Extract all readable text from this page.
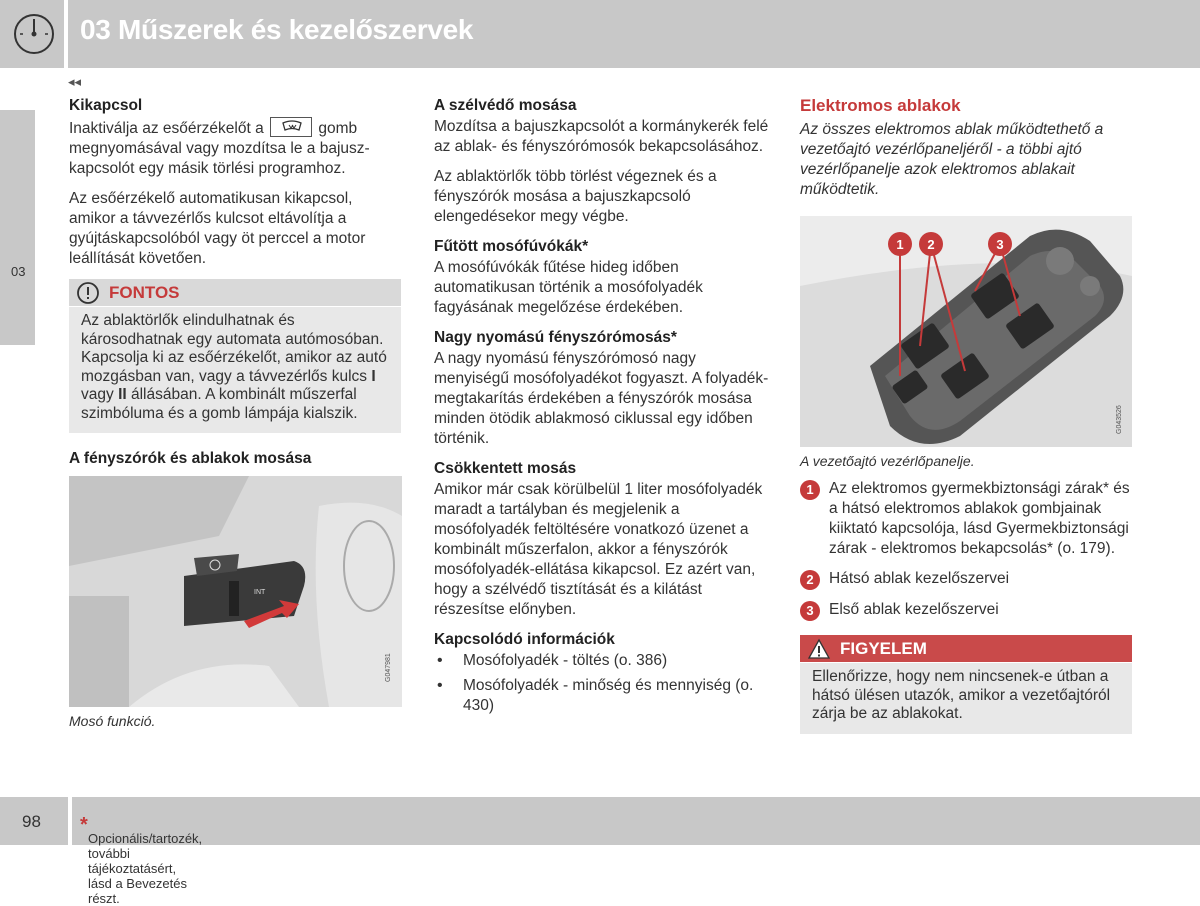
03 Műszerek és kezelőszervek
◂◂
03
Kikapcsol

Inaktiválja az esőérzékelőt a	gomb megnyomásával vagy mozdítsa le a bajusz-kapcsolót egy másik törlési programhoz.

Az esőérzékelő automatikusan kikapcsol, amikor a távvezérlős kulcsot eltávolítja a gyújtáskapcsolóból vagy öt perccel a motor leállítását követően.

FONTOS
Az ablaktörlők elindulhatnak és károsodhatnak egy automata autómosóban. Kapcsolja ki az esőérzékelőt, amikor az autó mozgásban van, vagy a távvezérlős kulcs I vagy II állásában. A kombinált műszerfal szimbóluma és a gomb lámpája kialszik.
A fényszórók és ablakok mosása
INT
G047981
Mosó funkció.
A szélvédő mosása

Mozdítsa a bajuszkapcsolót a kormánykerék felé az ablak- és fényszórómosók bekapcsolásához.

Az ablaktörlők több törlést végeznek és a fényszórók mosása a bajuszkapcsoló elengedésekor megy végbe.

Fűtött mosófúvókák*

A mosófúvókák fűtése hideg időben automatikusan történik a mosófolyadék fagyásának megelőzése érdekében.

Nagy nyomású fényszórómosás*

A nagy nyomású fényszórómosó nagy menyiségű mosófolyadékot fogyaszt. A folyadék-megtakarítás érdekében a fényszórók mosása minden ötödik ablakmosó ciklussal egy időben történik.

Csökkentett mosás

Amikor már csak körülbelül 1 liter mosófolyadék maradt a tartályban és megjelenik a mosófolyadék feltöltésére vonatkozó üzenet a kombinált műszerfalon, akkor a fényszórók mosófolyadék-ellátása kikapcsol. Ez azért van, hogy a szélvédő tisztítását és a kilátást részesítse előnyben.

Kapcsolódó információk
• Mosófolyadék - töltés (o. 386)
• Mosófolyadék - minőség és mennyiség (o. 430)
Elektromos ablakok
Az összes elektromos ablak működtethető a vezetőajtó vezérlőpaneljéről - a többi ajtó vezérlőpanelje azok elektromos ablakait működtetik.
1 2	3
G043526
A vezetőajtó vezérlőpanelje.
1 Az elektromos gyermekbiztonsági zárak* és a hátsó elektromos ablakok gombjainak kiiktató kapcsolója, lásd Gyermekbiztonsági zárak - elektromos bekapcsolás* (o. 179).
2 Hátsó ablak kezelőszervei
3 Első ablak kezelőszervei
FIGYELEM
Ellenőrizze, hogy nem nincsenek-e útban a hátsó ülésen utazók, amikor a vezetőajtóról zárja be az ablakokat.
98 *
Opcionális/tartozék, további tájékoztatásért, lásd a Bevezetés részt.
